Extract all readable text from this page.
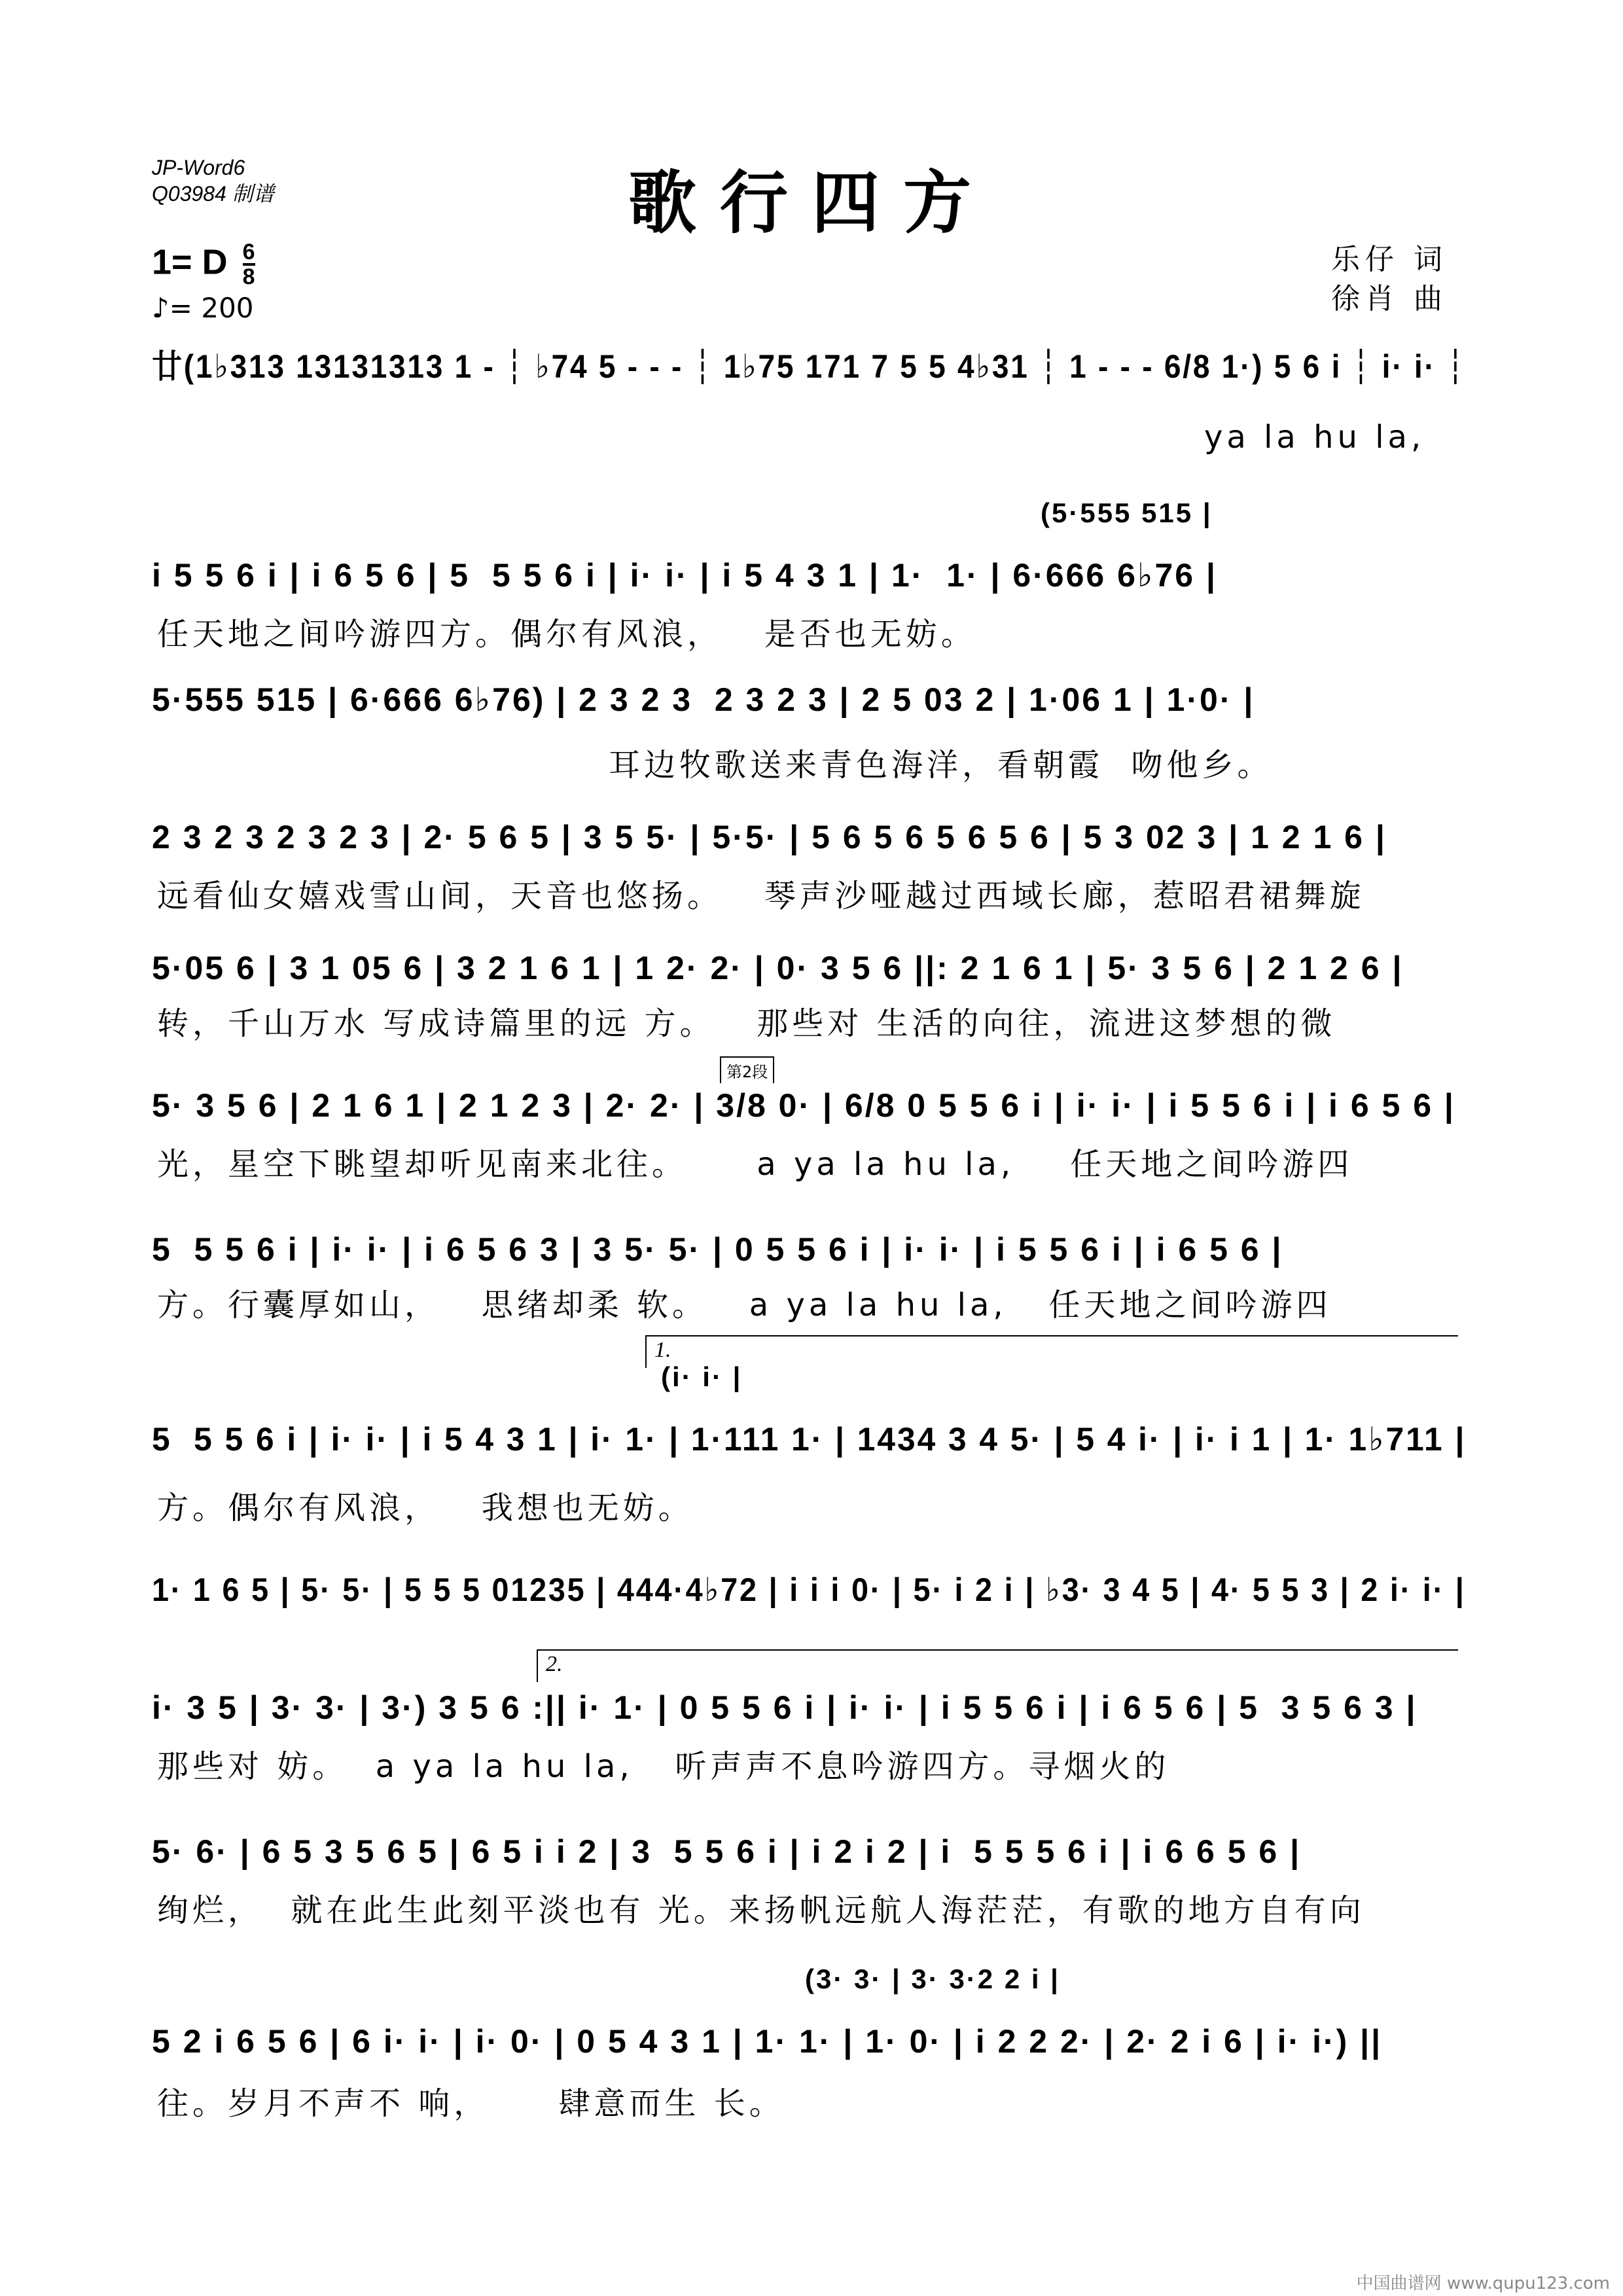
JP-Word6
Q03984 制谱	歌行四方
1= D $\frac{6}{8}$
♪= 200
乐仔 词
徐肖 曲
廿(1♭313 13131313 1 - ┆ ♭74 5 - - - ┆ 1♭75 171 7 5 5 4♭31 ┆ 1 - - - 6/8 1·) 5 6 i ┆ i· i· ┆
ya la hu la,
i 5 5 6 i | i 6 5 6 | 5  5 5 6 i | i· i· | i 5 4 3 1 | 1·  1· | 6·666 6♭76 |
(5·555 515 |
任天地之间吟游四方。偶尔有风浪，   是否也无妨。
5·555 515 | 6·666 6♭76) | 2 3 2 3  2 3 2 3 | 2 5 03 2 | 1·06 1 | 1·0· |
耳边牧歌送来青色海洋，看朝霞  吻他乡。
2 3 2 3 2 3 2 3 | 2· 5 6 5 | 3 5 5· | 5·5· | 5 6 5 6 5 6 5 6 | 5 3 02 3 | 1 2 1 6 |
远看仙女嬉戏雪山间，天音也悠扬。   琴声沙哑越过西域长廊，惹昭君裙舞旋
5·05 6 | 3 1 05 6 | 3 2 1 6 1 | 1 2· 2· | 0· 3 5 6 ||: 2 1 6 1 | 5· 3 5 6 | 2 1 2 6 |
转，千山万水 写成诗篇里的远 方。   那些对 生活的向往，流进这梦想的微
5· 3 5 6 | 2 1 6 1 | 2 1 2 3 | 2· 2· | 3/8 0· | 6/8 0 5 5 6 i | i· i· | i 5 5 6 i | i 6 5 6 |
第2段
光，星空下眺望却听见南来北往。     a ya la hu la,    任天地之间吟游四
5  5 5 6 i | i· i· | i 6 5 6 3 | 3 5· 5· | 0 5 5 6 i | i· i· | i 5 5 6 i | i 6 5 6 |
方。行囊厚如山，   思绪却柔 软。   a ya la hu la,   任天地之间吟游四
5  5 5 6 i | i· i· | i 5 4 3 1 | i· 1· | 1·111 1· | 1434 3 4 5· | 5 4 i· | i· i 1 | 1· 1♭711 |
(i· i· |
1.
方。偶尔有风浪，   我想也无妨。
1· 1 6 5 | 5· 5· | 5 5 5 01235 | 444·4♭72 | i i i 0· | 5· i 2 i | ♭3· 3 4 5 | 4· 5 5 3 | 2 i· i· |
i· 3 5 | 3· 3· | 3·) 3 5 6 :|| i· 1· | 0 5 5 6 i | i· i· | i 5 5 6 i | i 6 5 6 | 5  3 5 6 3 |
2.
那些对 妨。  a ya la hu la,   听声声不息吟游四方。寻烟火的
5· 6· | 6 5 3 5 6 5 | 6 5 i i 2 | 3  5 5 6 i | i 2 i 2 | i  5 5 5 6 i | i 6 6 5 6 |
绚烂，  就在此生此刻平淡也有 光。来扬帆远航人海茫茫，有歌的地方自有向
5 2 i 6 5 6 | 6 i· i· | i· 0· | 0 5 4 3 1 | 1· 1· | 1· 0· | i 2 2 2· | 2· 2 i 6 | i· i·) ||
(3· 3· | 3· 3·2 2 i |
往。岁月不声不 响，     肆意而生 长。
中国曲谱网 www.qupu123.com
